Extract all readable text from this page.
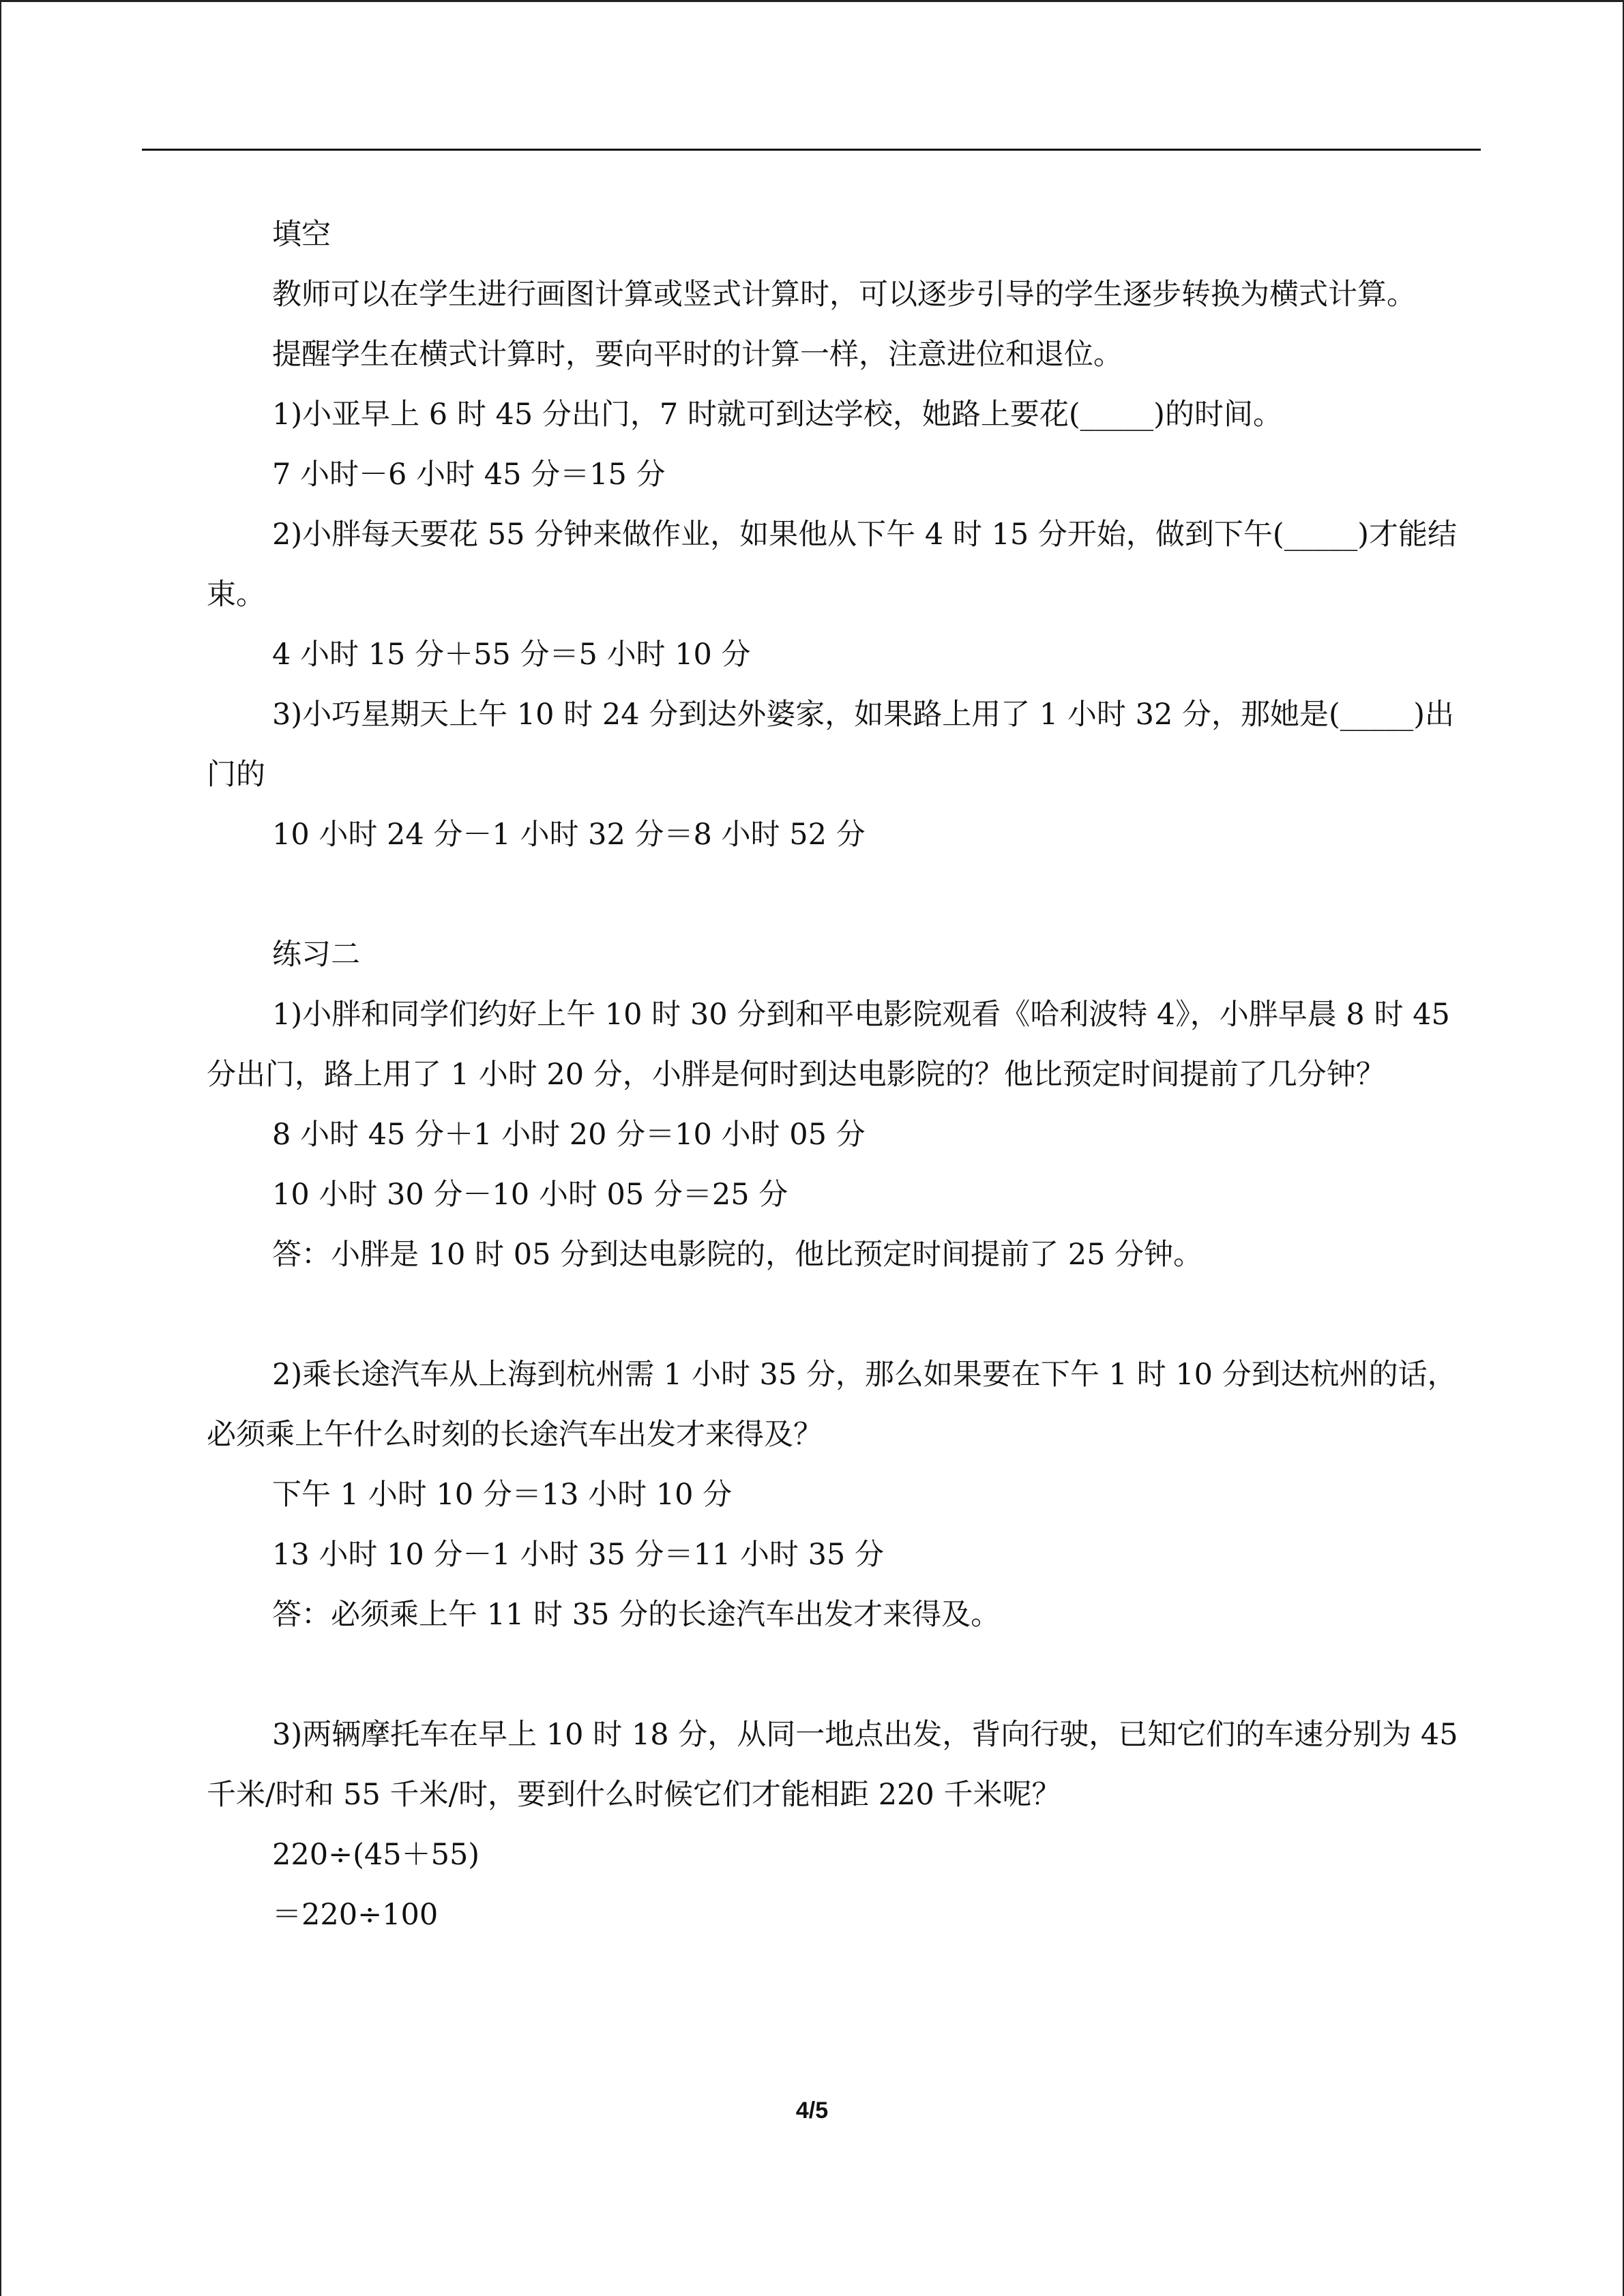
填空

教师可以在学生进行画图计算或竖式计算时，可以逐步引导的学生逐步转换为横式计算。

提醒学生在横式计算时，要向平时的计算一样，注意进位和退位。

1)小亚早上 6 时 45 分出门，7 时就可到达学校，她路上要花(_____)的时间。

7 小时－6 小时 45 分＝15 分

2)小胖每天要花 55 分钟来做作业，如果他从下午 4 时 15 分开始，做到下午(_____)才能结束。

4 小时 15 分＋55 分＝5 小时 10 分

3)小巧星期天上午 10 时 24 分到达外婆家，如果路上用了 1 小时 32 分，那她是(_____)出门的

10 小时 24 分－1 小时 32 分＝8 小时 52 分

练习二

1)小胖和同学们约好上午 10 时 30 分到和平电影院观看《哈利波特 4》，小胖早晨 8 时 45 分出门，路上用了 1 小时 20 分，小胖是何时到达电影院的？他比预定时间提前了几分钟？

8 小时 45 分＋1 小时 20 分＝10 小时 05 分

10 小时 30 分－10 小时 05 分＝25 分

答：小胖是 10 时 05 分到达电影院的，他比预定时间提前了 25 分钟。

2)乘长途汽车从上海到杭州需 1 小时 35 分，那么如果要在下午 1 时 10 分到达杭州的话，必须乘上午什么时刻的长途汽车出发才来得及？

下午 1 小时 10 分＝13 小时 10 分

13 小时 10 分－1 小时 35 分＝11 小时 35 分

答：必须乘上午 11 时 35 分的长途汽车出发才来得及。

3)两辆摩托车在早上 10 时 18 分，从同一地点出发，背向行驶，已知它们的车速分别为 45 千米/时和 55 千米/时，要到什么时候它们才能相距 220 千米呢？

220÷(45＋55)

＝220÷100

4/5
